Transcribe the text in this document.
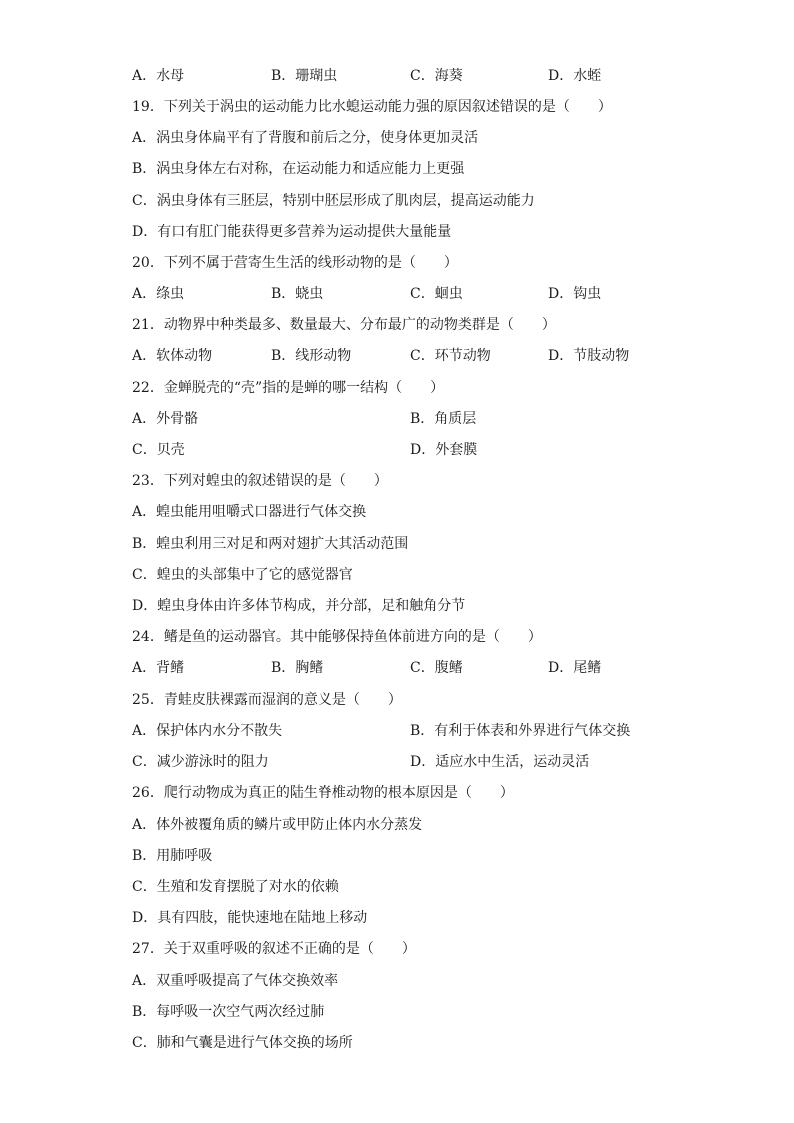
A．水母	B．珊瑚虫	C．海葵	D．水蛭
19．下列关于涡虫的运动能力比水螅运动能力强的原因叙述错误的是（　　）
A．涡虫身体扁平有了背腹和前后之分，使身体更加灵活
B．涡虫身体左右对称，在运动能力和适应能力上更强
C．涡虫身体有三胚层，特别中胚层形成了肌肉层，提高运动能力
D．有口有肛门能获得更多营养为运动提供大量能量
20．下列不属于营寄生生活的线形动物的是（　　）
A．绦虫	B．蛲虫	C．蛔虫	D．钩虫
21．动物界中种类最多、数量最大、分布最广的动物类群是（　　）
A．软体动物	B．线形动物	C．环节动物	D．节肢动物
22．金蝉脱壳的“壳”指的是蝉的哪一结构（　　）
A．外骨骼	B．角质层
C．贝壳	D．外套膜
23．下列对蝗虫的叙述错误的是（　　）
A．蝗虫能用咀嚼式口器进行气体交换
B．蝗虫利用三对足和两对翅扩大其活动范围
C．蝗虫的头部集中了它的感觉器官
D．蝗虫身体由许多体节构成，并分部，足和触角分节
24．鳍是鱼的运动器官。其中能够保持鱼体前进方向的是（　　）
A．背鳍	B．胸鳍	C．腹鳍	D．尾鳍
25．青蛙皮肤裸露而湿润的意义是（　　）
A．保护体内水分不散失	B．有利于体表和外界进行气体交换
C．减少游泳时的阻力	D．适应水中生活，运动灵活
26．爬行动物成为真正的陆生脊椎动物的根本原因是（　　）
A．体外被覆角质的鳞片或甲防止体内水分蒸发
B．用肺呼吸
C．生殖和发育摆脱了对水的依赖
D．具有四肢，能快速地在陆地上移动
27．关于双重呼吸的叙述不正确的是（　　）
A．双重呼吸提高了气体交换效率
B．每呼吸一次空气两次经过肺
C．肺和气囊是进行气体交换的场所
